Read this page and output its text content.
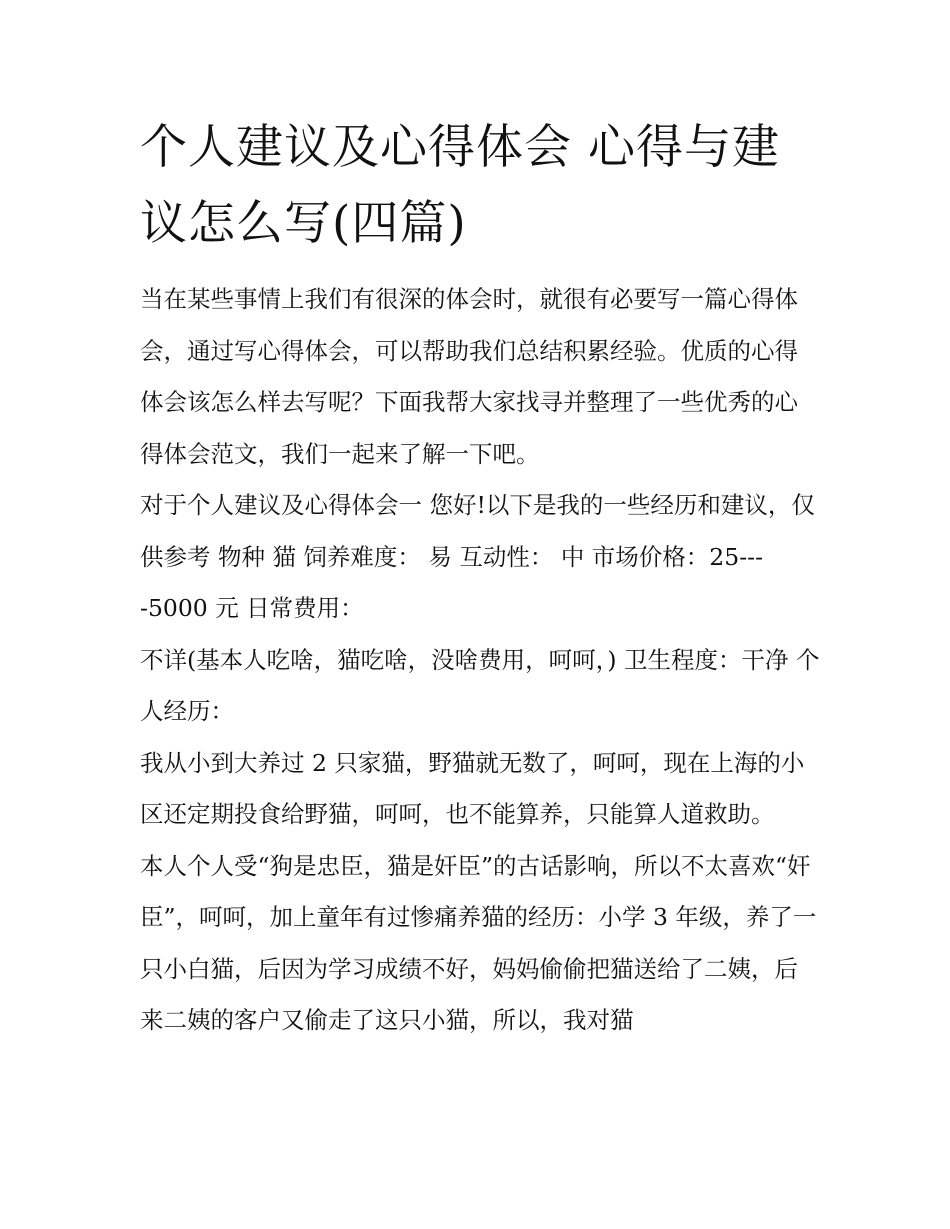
个人建议及心得体会 心得与建议怎么写(四篇)

当在某些事情上我们有很深的体会时，就很有必要写一篇心得体会，通过写心得体会，可以帮助我们总结积累经验。优质的心得体会该怎么样去写呢？下面我帮大家找寻并整理了一些优秀的心得体会范文，我们一起来了解一下吧。

对于个人建议及心得体会一 您好!以下是我的一些经历和建议，仅供参考 物种 猫 饲养难度： 易 互动性： 中 市场价格：25----5000 元 日常费用：

不详(基本人吃啥，猫吃啥，没啥费用，呵呵，) 卫生程度：干净 个人经历：

我从小到大养过 2 只家猫，野猫就无数了，呵呵，现在上海的小区还定期投食给野猫，呵呵，也不能算养，只能算人道救助。

本人个人受“狗是忠臣，猫是奸臣”的古话影响，所以不太喜欢“奸臣”，呵呵，加上童年有过惨痛养猫的经历：小学 3 年级，养了一只小白猫，后因为学习成绩不好，妈妈偷偷把猫送给了二姨，后来二姨的客户又偷走了这只小猫，所以，我对猫
